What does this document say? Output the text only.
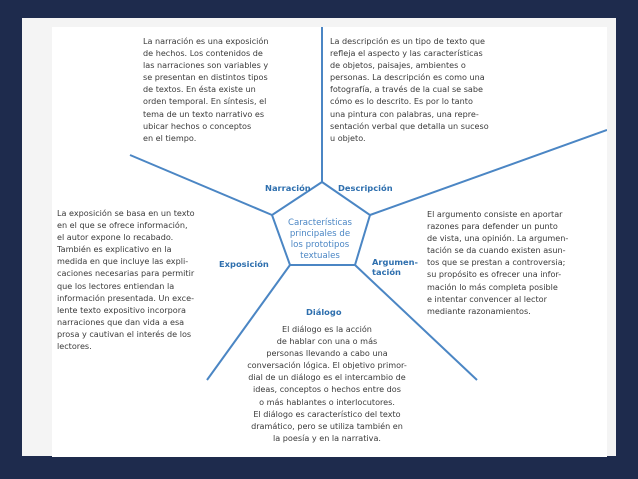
La narración es una exposición
de hechos. Los contenidos de
las narraciones son variables y
se presentan en distintos tipos
de textos. En ésta existe un
orden temporal. En síntesis, el
tema de un texto narrativo es
ubicar hechos o conceptos
en el tiempo.
La descripción es un tipo de texto que
refleja el aspecto y las características
de objetos, paisajes, ambientes o
personas. La descripción es como una
fotografía, a través de la cual se sabe
cómo es lo descrito. Es por lo tanto
una pintura con palabras, una repre-
sentación verbal que detalla un suceso
u objeto.
La exposición se basa en un texto
en el que se ofrece información,
el autor expone lo recabado.
También es explicativo en la
medida en que incluye las expli-
caciones necesarias para permitir
que los lectores entiendan la
información presentada. Un exce-
lente texto expositivo incorpora
narraciones que dan vida a esa
prosa y cautivan el interés de los
lectores.
El argumento consiste en aportar
razones para defender un punto
de vista, una opinión. La argumen-
tación se da cuando existen asun-
tos que se prestan a controversia;
su propósito es ofrecer una infor-
mación lo más completa posible
e intentar convencer al lector
mediante razonamientos.
El diálogo es la acción
de hablar con una o más
personas llevando a cabo una
conversación lógica. El objetivo primor-
dial de un diálogo es el intercambio de
ideas, conceptos o hechos entre dos
o más hablantes o interlocutores.
El diálogo es característico del texto
dramático, pero se utiliza también en
la poesía y en la narrativa.
Narración	Descripción
Exposición	Argumen-
tación
Diálogo
Características
principales de
los prototipos
textuales
